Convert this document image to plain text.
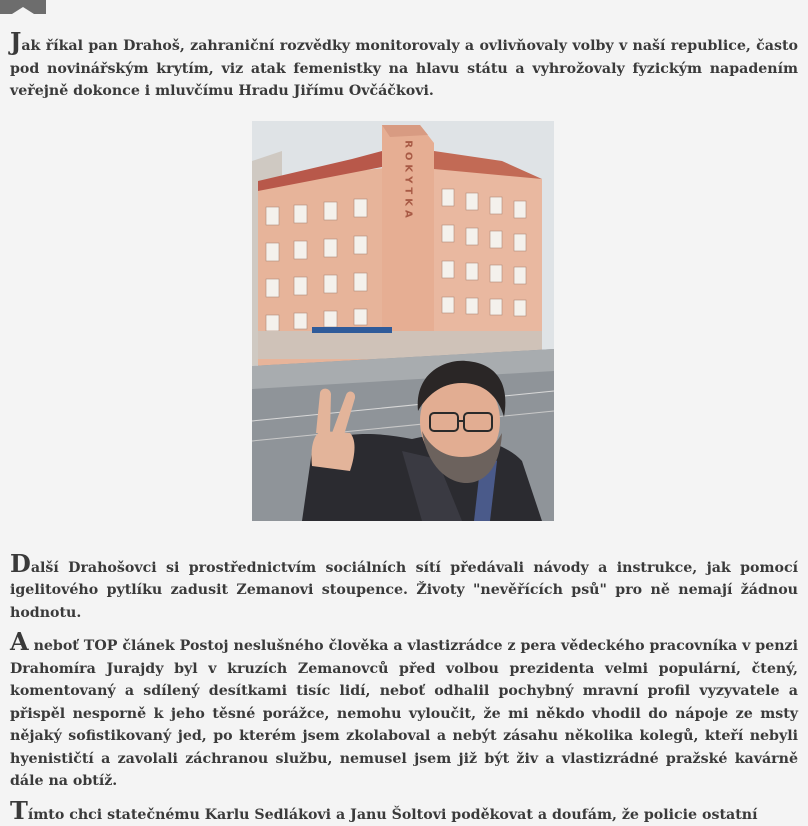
Jak říkal pan Drahoš, zahraniční rozvědky monitorovaly a ovlivňovaly volby v naší republice, často pod novinářským krytím, viz atak femenistky na hlavu státu a vyhrožovaly fyzickým napadením veřejně dokonce i mluvčímu Hradu Jiřímu Ovčáčkovi.

ROKYTKA

Další Drahošovci si prostřednictvím sociálních sítí předávali návody a instrukce, jak pomocí igelitového pytlíku zadusit Zemanovi stoupence. Životy "nevěřících psů" pro ně nemají žádnou hodnotu.

A neboť TOP článek Postoj neslušného člověka a vlastizrádce z pera vědeckého pracovníka v penzi Drahomíra Jurajdy byl v kruzích Zemanovců před volbou prezidenta velmi populární, čtený, komentovaný a sdílený desítkami tisíc lidí, neboť odhalil pochybný mravní profil vyzyvatele a přispěl nesporně k jeho těsné porážce, nemohu vyloučit, že mi někdo vhodil do nápoje ze msty nějaký sofistikovaný jed, po kterém jsem zkolaboval a nebýt zásahu několika kolegů, kteří nebyli hyenističtí a zavolali záchranou službu, nemusel jsem již být živ a vlastizrádné pražské kavárně dále na obtíž.

Tímto chci statečnému Karlu Sedlákovi a Janu Šoltovi poděkovat a doufám, že policie ostatní
